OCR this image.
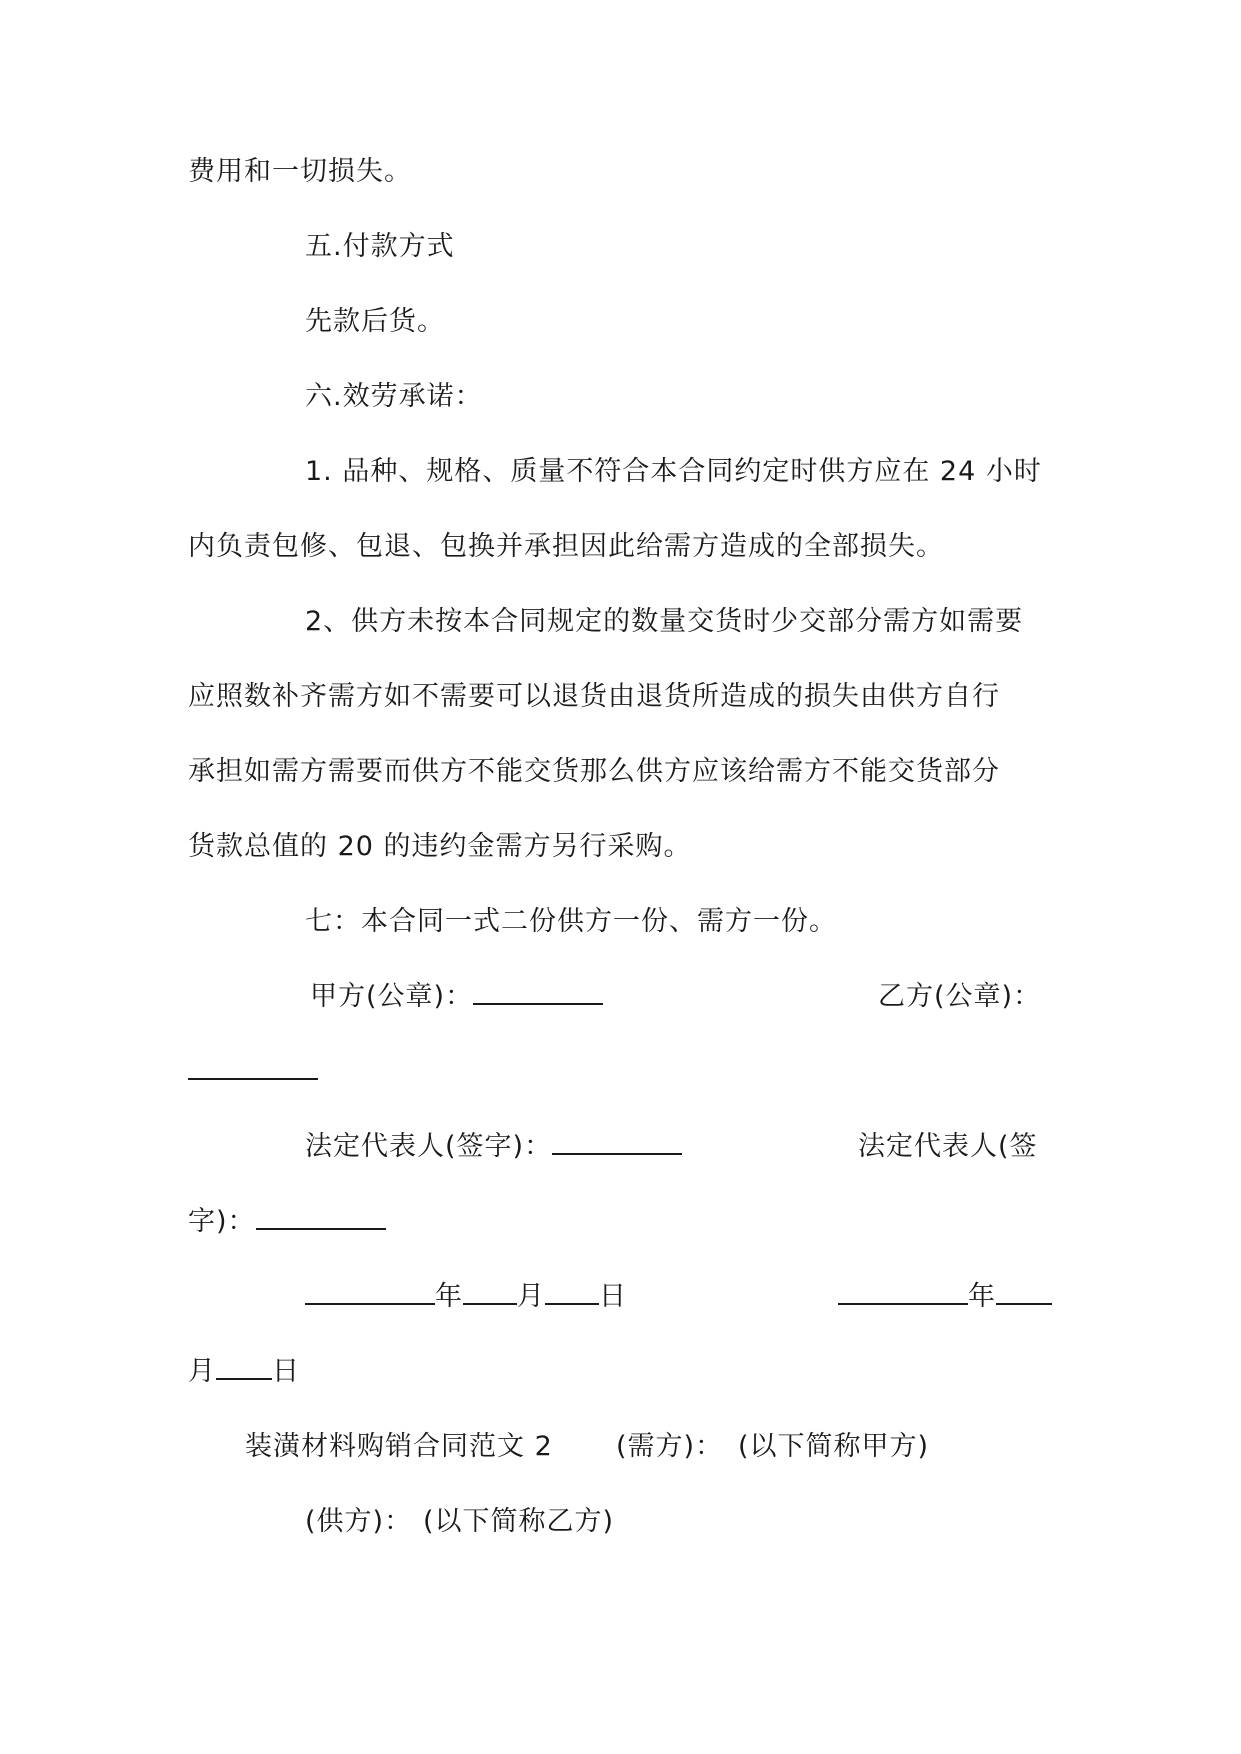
费用和一切损失。
五.付款方式
先款后货。
六.效劳承诺：
1. 品种、规格、质量不符合本合同约定时供方应在 24 小时
内负责包修、包退、包换并承担因此给需方造成的全部损失。
2、供方未按本合同规定的数量交货时少交部分需方如需要
应照数补齐需方如不需要可以退货由退货所造成的损失由供方自行
承担如需方需要而供方不能交货那么供方应该给需方不能交货部分
货款总值的 20 的违约金需方另行采购。
七：本合同一式二份供方一份、需方一份。
甲方(公章)：	乙方(公章)：
法定代表人(签字)：	法定代表人(签
字)：
年 月 日	年
月 日
装潢材料购销合同范文 2 (需方)： (以下简称甲方)
(供方)： (以下简称乙方)
